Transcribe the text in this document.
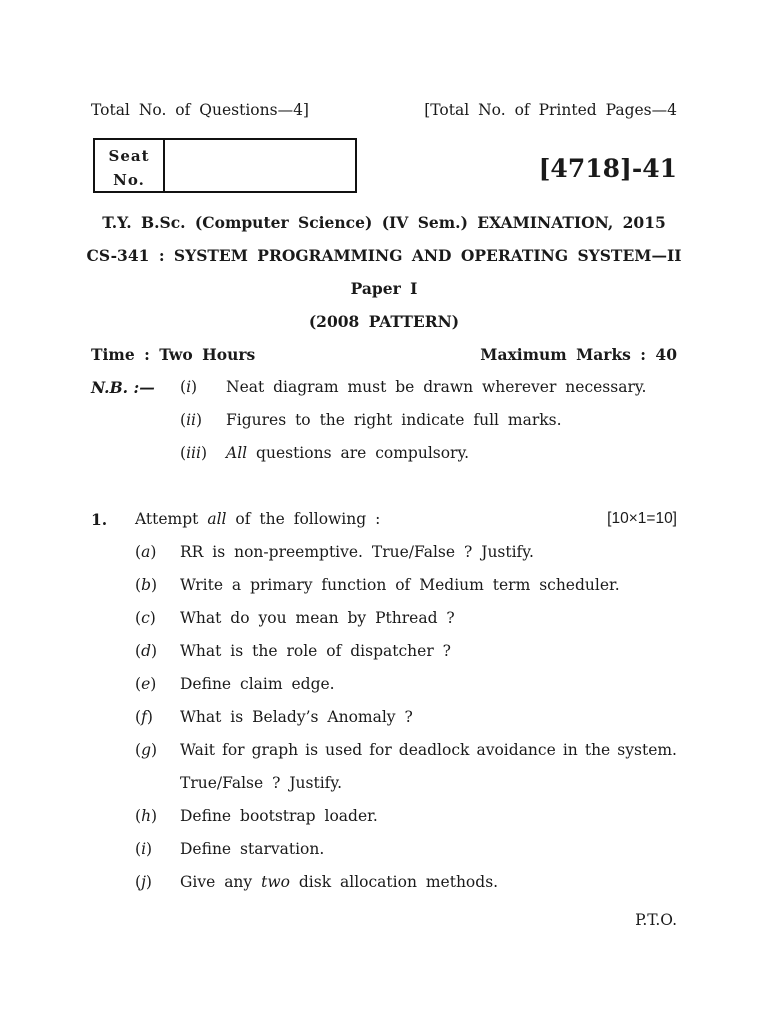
Total No. of Questions—4]	[Total No. of Printed Pages—4
Seat
No.	[4718]-41
T.Y. B.Sc. (Computer Science) (IV Sem.) EXAMINATION, 2015
CS-341 : SYSTEM PROGRAMMING AND OPERATING SYSTEM—II
Paper I
(2008 PATTERN)
Time : Two Hours	Maximum Marks : 40
N.B. :— (i) Neat diagram must be drawn wherever necessary.
(ii) Figures to the right indicate full marks.
(iii) All questions are compulsory.
1. Attempt all of the following :	[10×1=10]
(a) RR is non-preemptive. True/False ? Justify.
(b) Write a primary function of Medium term scheduler.
(c) What do you mean by Pthread ?
(d) What is the role of dispatcher ?
(e) Define claim edge.
(f) What is Belady’s Anomaly ?
(g) Wait for graph is used for deadlock avoidance in the system.
True/False ? Justify.
(h) Define bootstrap loader.
(i) Define starvation.
(j) Give any two disk allocation methods.
P.T.O.
